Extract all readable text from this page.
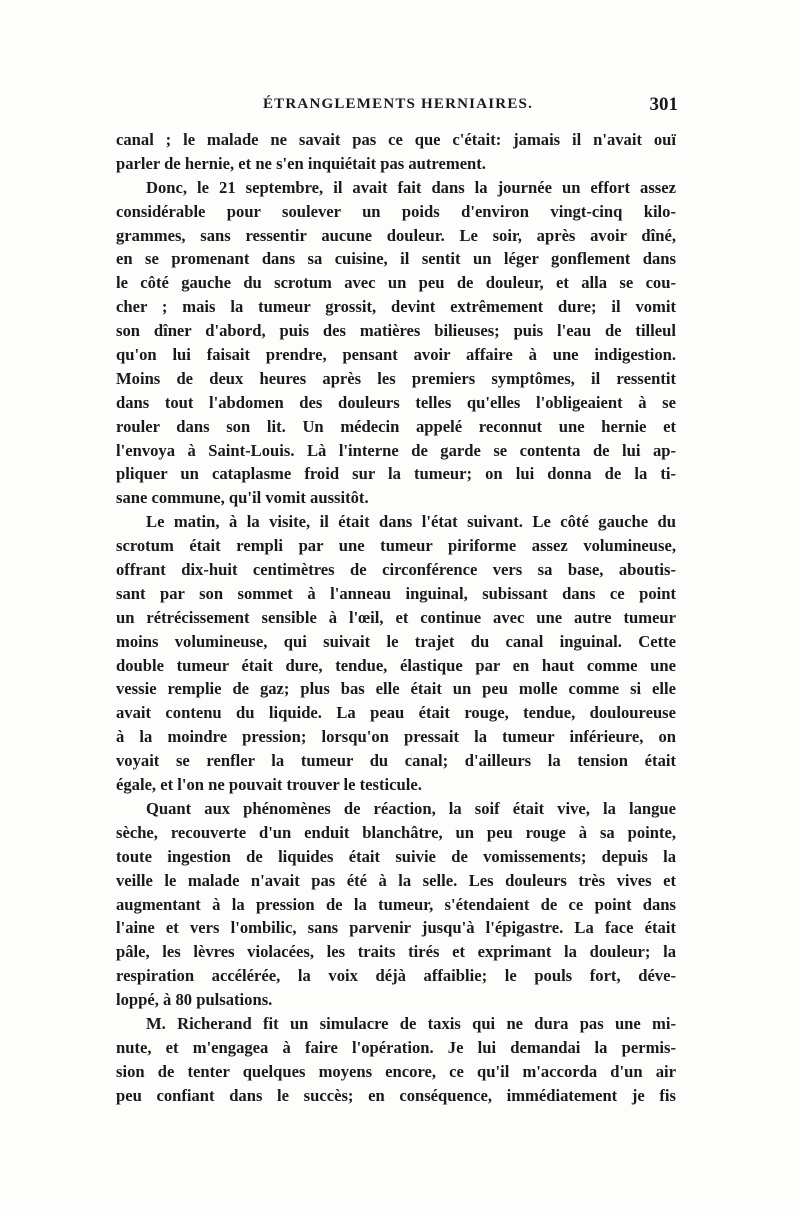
ÉTRANGLEMENTS HERNIAIRES.	301
canal ; le malade ne savait pas ce que c'était: jamais il n'avait ouï
parler de hernie, et ne s'en inquiétait pas autrement.
Donc, le 21 septembre, il avait fait dans la journée un effort assez
considérable pour soulever un poids d'environ vingt-cinq kilo-
grammes, sans ressentir aucune douleur. Le soir, après avoir dîné,
en se promenant dans sa cuisine, il sentit un léger gonflement dans
le côté gauche du scrotum avec un peu de douleur, et alla se cou-
cher ; mais la tumeur grossit, devint extrêmement dure; il vomit
son dîner d'abord, puis des matières bilieuses; puis l'eau de tilleul
qu'on lui faisait prendre, pensant avoir affaire à une indigestion.
Moins de deux heures après les premiers symptômes, il ressentit
dans tout l'abdomen des douleurs telles qu'elles l'obligeaient à se
rouler dans son lit. Un médecin appelé reconnut une hernie et
l'envoya à Saint-Louis. Là l'interne de garde se contenta de lui ap-
pliquer un cataplasme froid sur la tumeur; on lui donna de la ti-
sane commune, qu'il vomit aussitôt.
Le matin, à la visite, il était dans l'état suivant. Le côté gauche du
scrotum était rempli par une tumeur piriforme assez volumineuse,
offrant dix-huit centimètres de circonférence vers sa base, aboutis-
sant par son sommet à l'anneau inguinal, subissant dans ce point
un rétrécissement sensible à l'œil, et continue avec une autre tumeur
moins volumineuse, qui suivait le trajet du canal inguinal. Cette
double tumeur était dure, tendue, élastique par en haut comme une
vessie remplie de gaz; plus bas elle était un peu molle comme si elle
avait contenu du liquide. La peau était rouge, tendue, douloureuse
à la moindre pression; lorsqu'on pressait la tumeur inférieure, on
voyait se renfler la tumeur du canal; d'ailleurs la tension était
égale, et l'on ne pouvait trouver le testicule.
Quant aux phénomènes de réaction, la soif était vive, la langue
sèche, recouverte d'un enduit blanchâtre, un peu rouge à sa pointe,
toute ingestion de liquides était suivie de vomissements; depuis la
veille le malade n'avait pas été à la selle. Les douleurs très vives et
augmentant à la pression de la tumeur, s'étendaient de ce point dans
l'aine et vers l'ombilic, sans parvenir jusqu'à l'épigastre. La face était
pâle, les lèvres violacées, les traits tirés et exprimant la douleur; la
respiration accélérée, la voix déjà affaiblie; le pouls fort, déve-
loppé, à 80 pulsations.
M. Richerand fit un simulacre de taxis qui ne dura pas une mi-
nute, et m'engagea à faire l'opération. Je lui demandai la permis-
sion de tenter quelques moyens encore, ce qu'il m'accorda d'un air
peu confiant dans le succès; en conséquence, immédiatement je fis
